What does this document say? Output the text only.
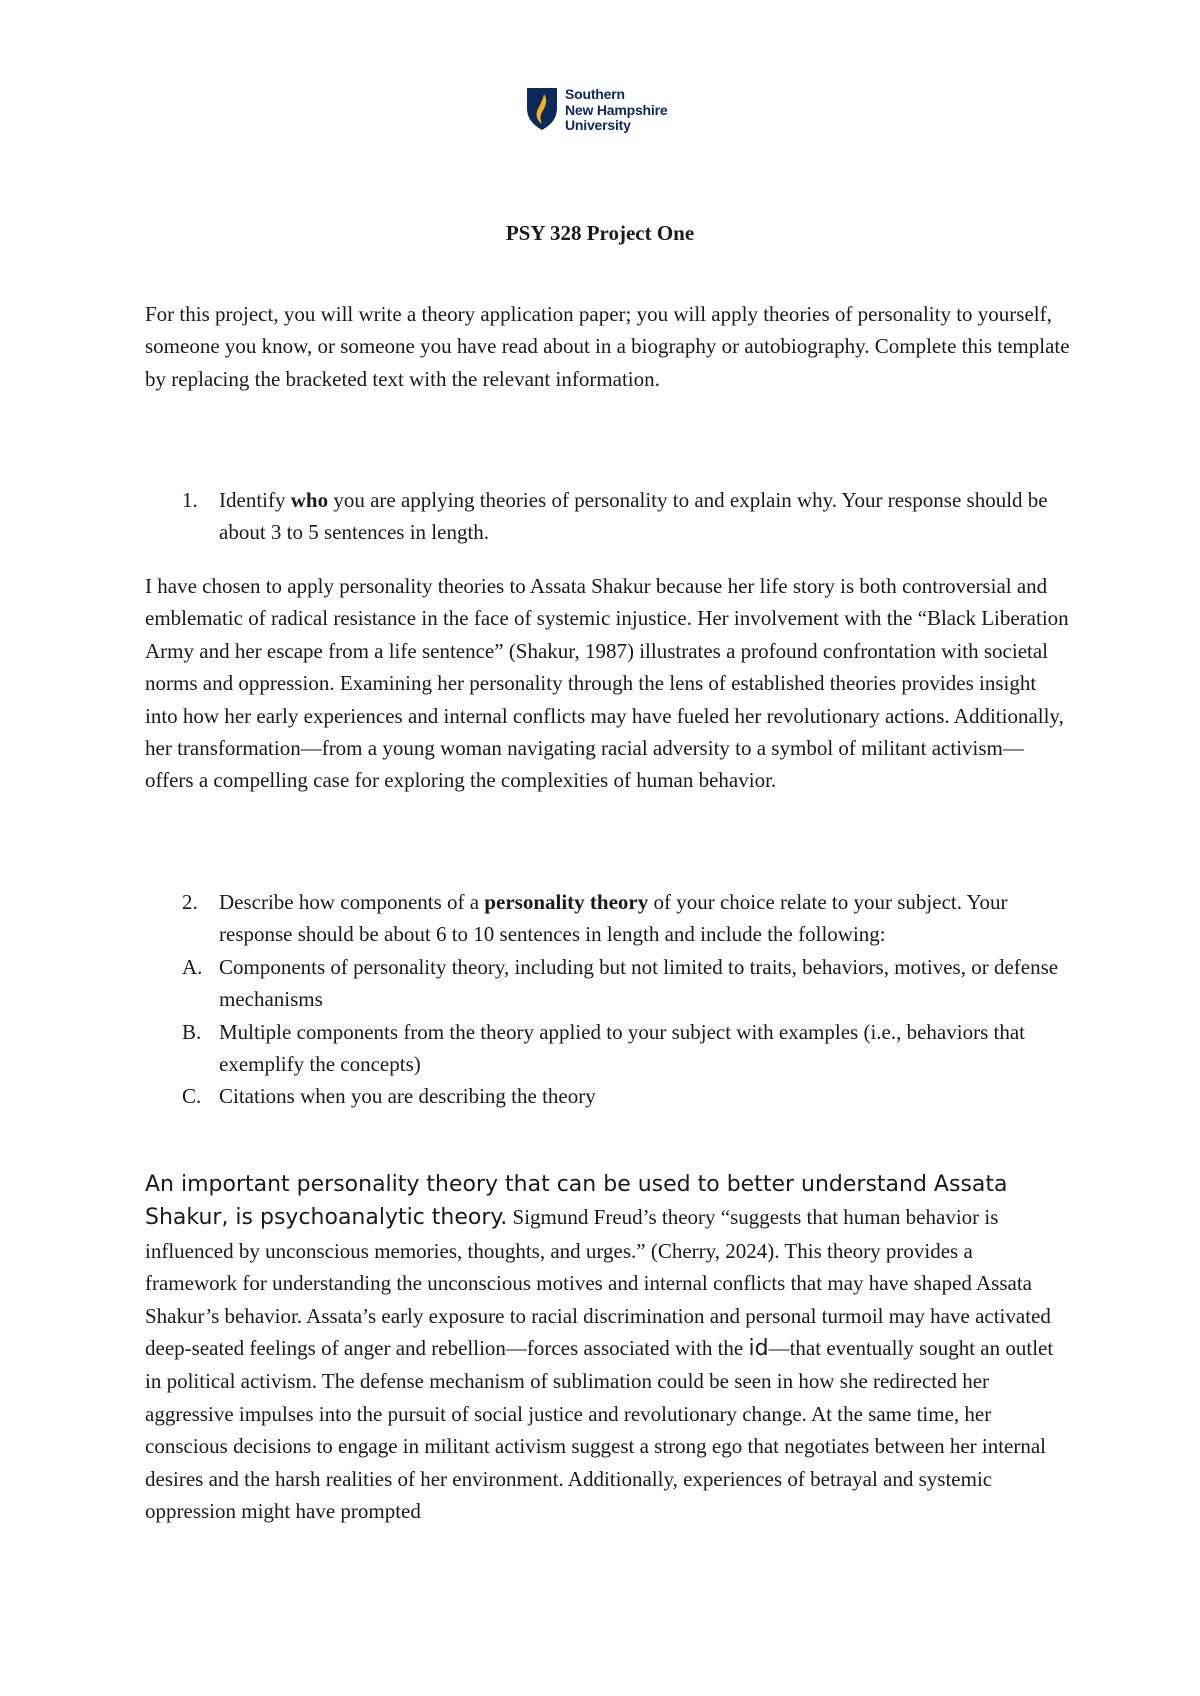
Southern
New Hampshire
University
PSY 328 Project One
For this project, you will write a theory application paper; you will apply theories of personality to yourself, someone you know, or someone you have read about in a biography or autobiography. Complete this template by replacing the bracketed text with the relevant information.
1. Identify who you are applying theories of personality to and explain why. Your response should be about 3 to 5 sentences in length.
I have chosen to apply personality theories to Assata Shakur because her life story is both controversial and emblematic of radical resistance in the face of systemic injustice. Her involvement with the “Black Liberation Army and her escape from a life sentence” (Shakur, 1987) illustrates a profound confrontation with societal norms and oppression. Examining her personality through the lens of established theories provides insight into how her early experiences and internal conflicts may have fueled her revolutionary actions. Additionally, her transformation—from a young woman navigating racial adversity to a symbol of militant activism—offers a compelling case for exploring the complexities of human behavior.
2. Describe how components of a personality theory of your choice relate to your subject. Your response should be about 6 to 10 sentences in length and include the following:
A. Components of personality theory, including but not limited to traits, behaviors, motives, or defense mechanisms
B. Multiple components from the theory applied to your subject with examples (i.e., behaviors that exemplify the concepts)
C. Citations when you are describing the theory
An important personality theory that can be used to better understand Assata Shakur, is psychoanalytic theory. Sigmund Freud’s theory “suggests that human behavior is influenced by unconscious memories, thoughts, and urges.” (Cherry, 2024). This theory provides a framework for understanding the unconscious motives and internal conflicts that may have shaped Assata Shakur’s behavior. Assata’s early exposure to racial discrimination and personal turmoil may have activated deep-seated feelings of anger and rebellion—forces associated with the id—that eventually sought an outlet in political activism. The defense mechanism of sublimation could be seen in how she redirected her aggressive impulses into the pursuit of social justice and revolutionary change. At the same time, her conscious decisions to engage in militant activism suggest a strong ego that negotiates between her internal desires and the harsh realities of her environment. Additionally, experiences of betrayal and systemic oppression might have prompted
